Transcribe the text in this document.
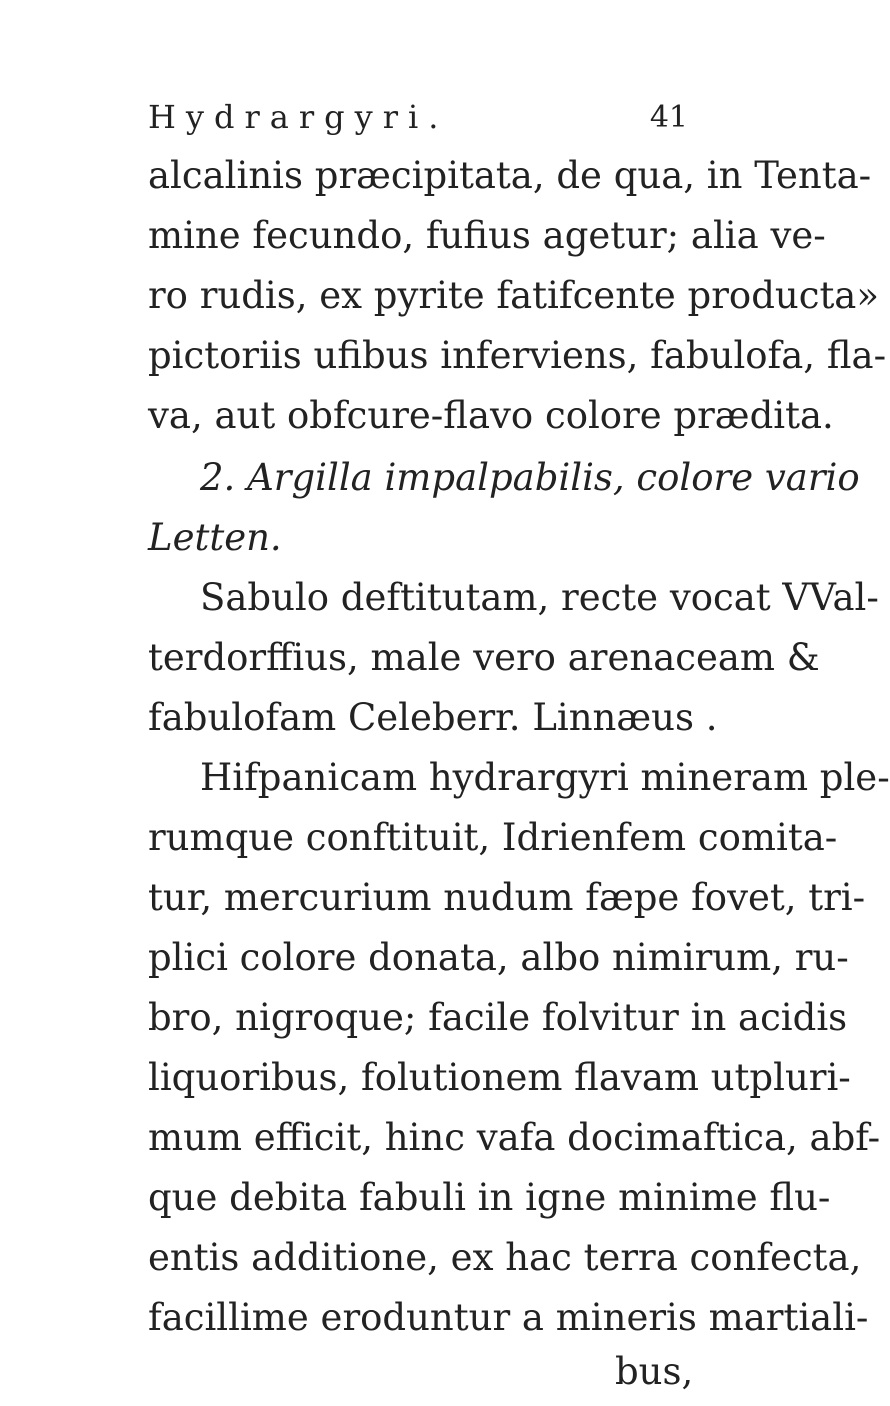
Hydrargyri.	41
alcalinis præcipitata, de qua, in Tenta-
mine fecundo, fufius agetur; alia ve-
ro rudis, ex pyrite fatifcente producta»
pictoriis ufibus inferviens, fabulofa, fla-
va, aut obfcure-flavo colore prædita.
2. Argilla impalpabilis, colore vario
Letten.
Sabulo deftitutam, recte vocat VVal-
terdorffius, male vero arenaceam &
fabulofam Celeberr. Linnæus .
Hifpanicam hydrargyri mineram ple-
rumque conftituit, Idrienfem comita-
tur, mercurium nudum fæpe fovet, tri-
plici colore donata, albo nimirum, ru-
bro, nigroque; facile folvitur in acidis
liquoribus, folutionem flavam utpluri-
mum efficit, hinc vafa docimaftica, abf-
que debita fabuli in igne minime flu-
entis additione, ex hac terra confecta,
facillime eroduntur a mineris martiali-
bus,
